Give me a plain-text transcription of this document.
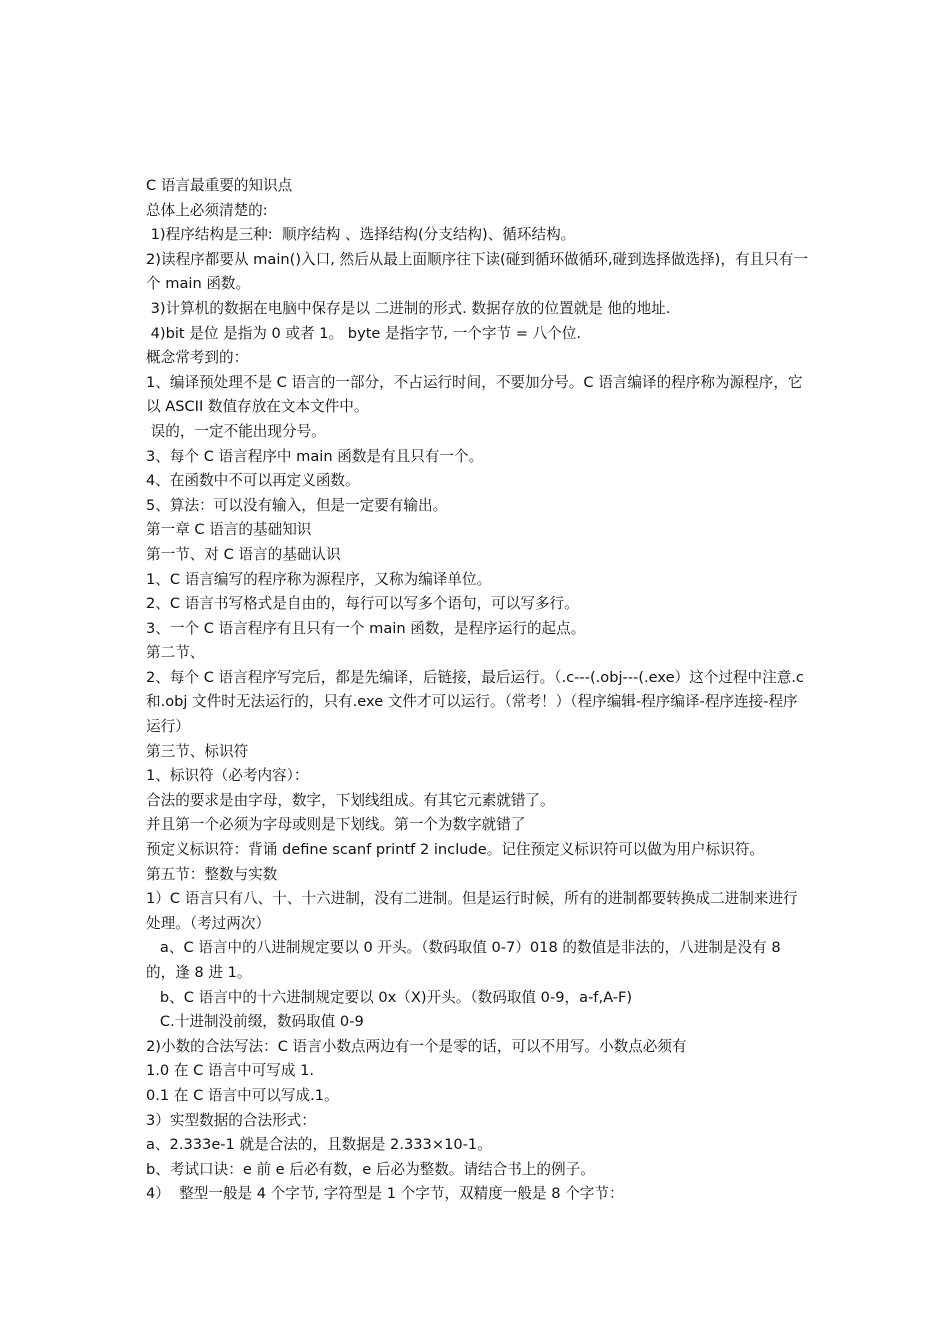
C 语言最重要的知识点

总体上必须清楚的:

1)程序结构是三种:  顺序结构 、选择结构(分支结构)、循环结构。

2)读程序都要从 main()入口, 然后从最上面顺序往下读(碰到循环做循环,碰到选择做选择)，有且只有一个 main 函数。

3)计算机的数据在电脑中保存是以 二进制的形式. 数据存放的位置就是 他的地址.

4)bit 是位 是指为 0 或者 1。 byte 是指字节, 一个字节 = 八个位.

概念常考到的：

1、编译预处理不是 C 语言的一部分，不占运行时间，不要加分号。C 语言编译的程序称为源程序，它以 ASCII 数值存放在文本文件中。

误的，一定不能出现分号。

3、每个 C 语言程序中 main 函数是有且只有一个。

4、在函数中不可以再定义函数。

5、算法：可以没有输入，但是一定要有输出。

第一章 C 语言的基础知识

第一节、对 C 语言的基础认识

1、C 语言编写的程序称为源程序，又称为编译单位。

2、C 语言书写格式是自由的，每行可以写多个语句，可以写多行。

3、一个 C 语言程序有且只有一个 main 函数，是程序运行的起点。

第二节、

2、每个 C 语言程序写完后，都是先编译，后链接，最后运行。（.c---(.obj---(.exe）这个过程中注意.c 和.obj 文件时无法运行的，只有.exe 文件才可以运行。（常考！）（程序编辑-程序编译-程序连接-程序运行）

第三节、标识符

1、标识符（必考内容）：

合法的要求是由字母，数字，下划线组成。有其它元素就错了。

并且第一个必须为字母或则是下划线。第一个为数字就错了

预定义标识符：背诵 define scanf printf 2 include。记住预定义标识符可以做为用户标识符。

第五节：整数与实数

1）C 语言只有八、十、十六进制，没有二进制。但是运行时候，所有的进制都要转换成二进制来进行处理。（考过两次）

a、C 语言中的八进制规定要以 0 开头。（数码取值 0-7）018 的数值是非法的，八进制是没有 8 的，逢 8 进 1。

b、C 语言中的十六进制规定要以 0x（X)开头。（数码取值 0-9，a-f,A-F)

C.十进制没前缀，数码取值 0-9

2)小数的合法写法：C 语言小数点两边有一个是零的话，可以不用写。小数点必须有

1.0 在 C 语言中可写成 1.

0.1 在 C 语言中可以写成.1。

3）实型数据的合法形式：

a、2.333e-1 就是合法的，且数据是 2.333×10-1。

b、考试口诀：e 前 e 后必有数，e 后必为整数。请结合书上的例子。

4）  整型一般是 4 个字节, 字符型是 1 个字节，双精度一般是 8 个字节：
